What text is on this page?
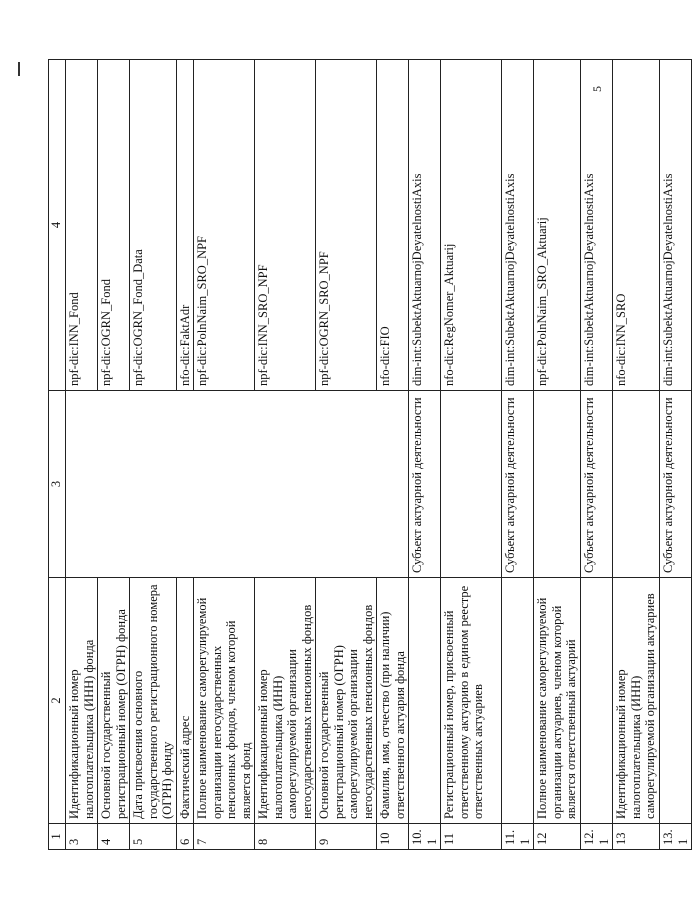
5
1	2	3	4
3	Идентификационный номер налогоплательщика (ИНН) фонда		npf-dic:INN_Fond
4	Основной государственный регистрационный номер (ОГРН) фонда		npf-dic:OGRN_Fond
5	Дата присвоения основного государственного регистрационного номера (ОГРН) фонду		npf-dic:OGRN_Fond_Data
6	Фактический адрес		nfo-dic:FaktAdr
7	Полное наименование саморегулируемой организации негосударственных пенсионных фондов, членом которой является фонд		npf-dic:PolnNaim_SRO_NPF
8	Идентификационный номер налогоплательщика (ИНН) саморегулируемой организации негосударственных пенсионных фондов		npf-dic:INN_SRO_NPF
9	Основной государственный регистрационный номер (ОГРН) саморегулируемой организации негосударственных пенсионных фондов		npf-dic:OGRN_SRO_NPF
10	Фамилия, имя, отчество (при наличии) ответственного актуария фонда		nfo-dic:FIO
10.1		Субъект актуарной деятельности	dim-int:SubektAktuarnojDeyatelnostiAxis
11	Регистрационный номер, присвоенный ответственному актуарию в едином реестре ответственных актуариев		nfo-dic:RegNomer_Aktuarij
11.1		Субъект актуарной деятельности	dim-int:SubektAktuarnojDeyatelnostiAxis
12	Полное наименование саморегулируемой организации актуариев, членом которой является ответственный актуарий		npf-dic:PolnNaim_SRO_Aktuarij
12.1		Субъект актуарной деятельности	dim-int:SubektAktuarnojDeyatelnostiAxis
13	Идентификационный номер налогоплательщика (ИНН) саморегулируемой организации актуариев		nfo-dic:INN_SRO
13.1		Субъект актуарной деятельности	dim-int:SubektAktuarnojDeyatelnostiAxis
